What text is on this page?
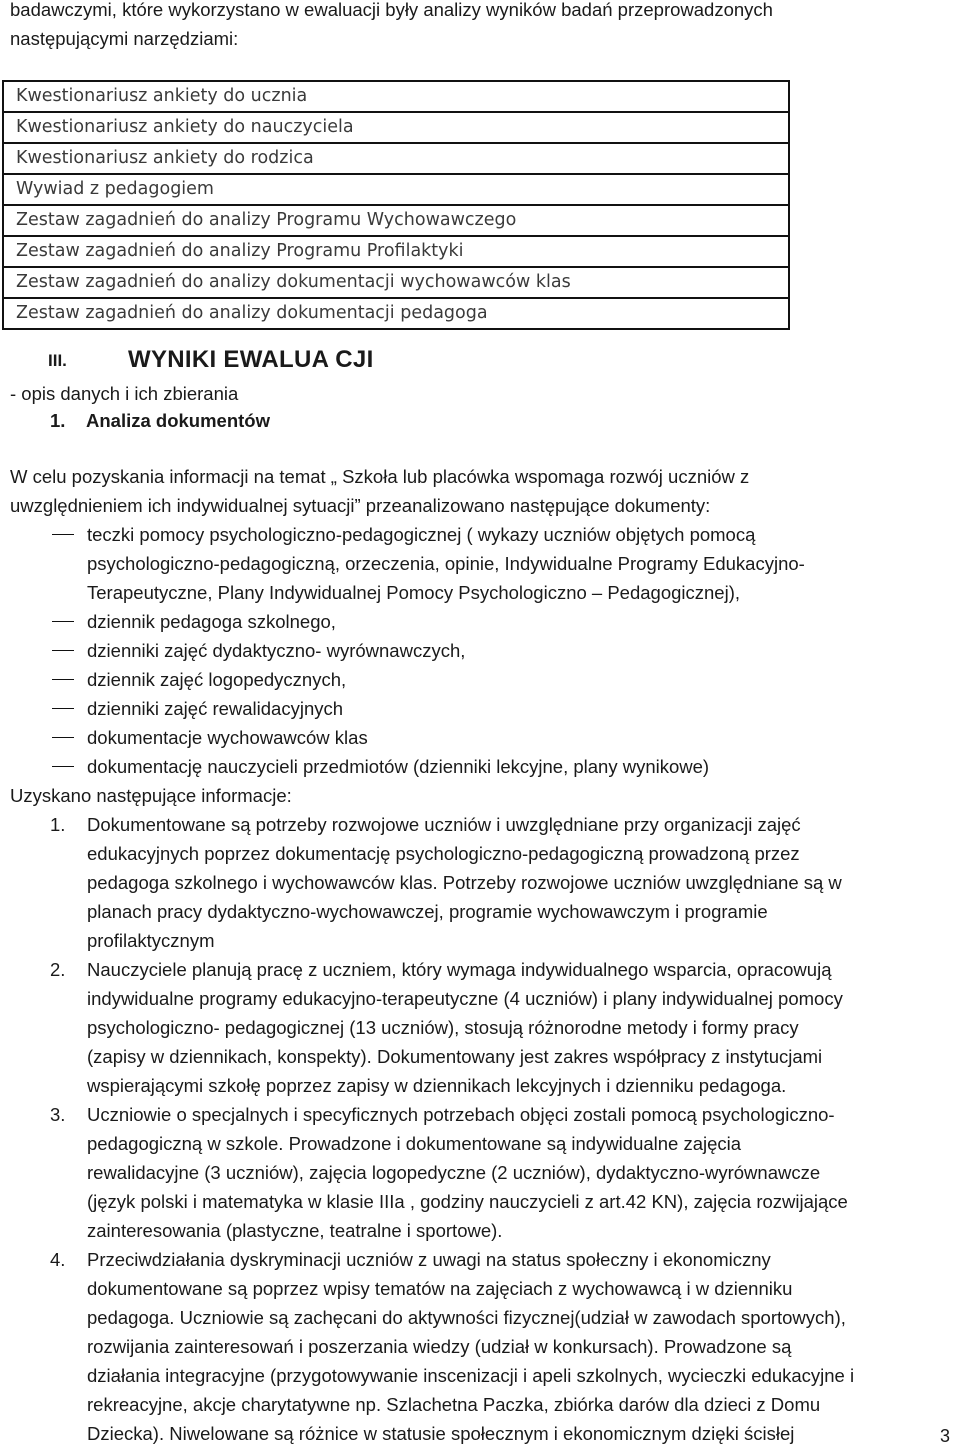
badawczymi, które wykorzystano w ewaluacji były analizy wyników badań przeprowadzonych
następującymi narzędziami:
Kwestionariusz ankiety do ucznia
Kwestionariusz ankiety do nauczyciela
Kwestionariusz ankiety do rodzica
Wywiad z pedagogiem
Zestaw zagadnień do analizy Programu Wychowawczego
Zestaw zagadnień do analizy Programu Profilaktyki
Zestaw zagadnień do analizy dokumentacji wychowawców klas
Zestaw zagadnień do analizy dokumentacji pedagoga
III.	WYNIKI EWALUA CJI
- opis danych i ich zbierania
1. Analiza dokumentów
W celu pozyskania informacji na temat „ Szkoła lub placówka wspomaga rozwój uczniów z
uwzględnieniem ich indywidualnej sytuacji” przeanalizowano następujące dokumenty:
teczki pomocy psychologiczno-pedagogicznej ( wykazy uczniów objętych pomocą
psychologiczno-pedagogiczną, orzeczenia, opinie, Indywidualne Programy Edukacyjno-
Terapeutyczne, Plany Indywidualnej Pomocy Psychologiczno – Pedagogicznej),
dziennik pedagoga szkolnego,
dzienniki zajęć dydaktyczno- wyrównawczych,
dziennik zajęć logopedycznych,
dzienniki zajęć rewalidacyjnych
dokumentacje wychowawców klas
dokumentację nauczycieli przedmiotów (dzienniki lekcyjne, plany wynikowe)
Uzyskano następujące informacje:
1. Dokumentowane są potrzeby rozwojowe uczniów i uwzględniane przy organizacji zajęć
edukacyjnych poprzez dokumentację psychologiczno-pedagogiczną prowadzoną przez
pedagoga szkolnego i wychowawców klas. Potrzeby rozwojowe uczniów uwzględniane są w
planach pracy dydaktyczno-wychowawczej, programie wychowawczym i programie
profilaktycznym
2. Nauczyciele planują pracę z uczniem, który wymaga indywidualnego wsparcia, opracowują
indywidualne programy edukacyjno-terapeutyczne (4 uczniów) i plany indywidualnej pomocy
psychologiczno- pedagogicznej (13 uczniów), stosują różnorodne metody i formy pracy
(zapisy w dziennikach, konspekty). Dokumentowany jest zakres współpracy z instytucjami
wspierającymi szkołę poprzez zapisy w dziennikach lekcyjnych i dzienniku pedagoga.
3. Uczniowie o specjalnych i specyficznych potrzebach objęci zostali pomocą psychologiczno-
pedagogiczną w szkole. Prowadzone i dokumentowane są indywidualne zajęcia
rewalidacyjne (3 uczniów), zajęcia logopedyczne (2 uczniów), dydaktyczno-wyrównawcze
(język polski i matematyka w klasie IIIa , godziny nauczycieli z art.42 KN), zajęcia rozwijające
zainteresowania (plastyczne, teatralne i sportowe).
4. Przeciwdziałania dyskryminacji uczniów z uwagi na status społeczny i ekonomiczny
dokumentowane są poprzez wpisy tematów na zajęciach z wychowawcą i w dzienniku
pedagoga. Uczniowie są zachęcani do aktywności fizycznej(udział w zawodach sportowych),
rozwijania zainteresowań i poszerzania wiedzy (udział w konkursach). Prowadzone są
działania integracyjne (przygotowywanie inscenizacji i apeli szkolnych, wycieczki edukacyjne i
rekreacyjne, akcje charytatywne np. Szlachetna Paczka, zbiórka darów dla dzieci z Domu
Dziecka). Niwelowane są różnice w statusie społecznym i ekonomicznym dzięki ścisłej	3
